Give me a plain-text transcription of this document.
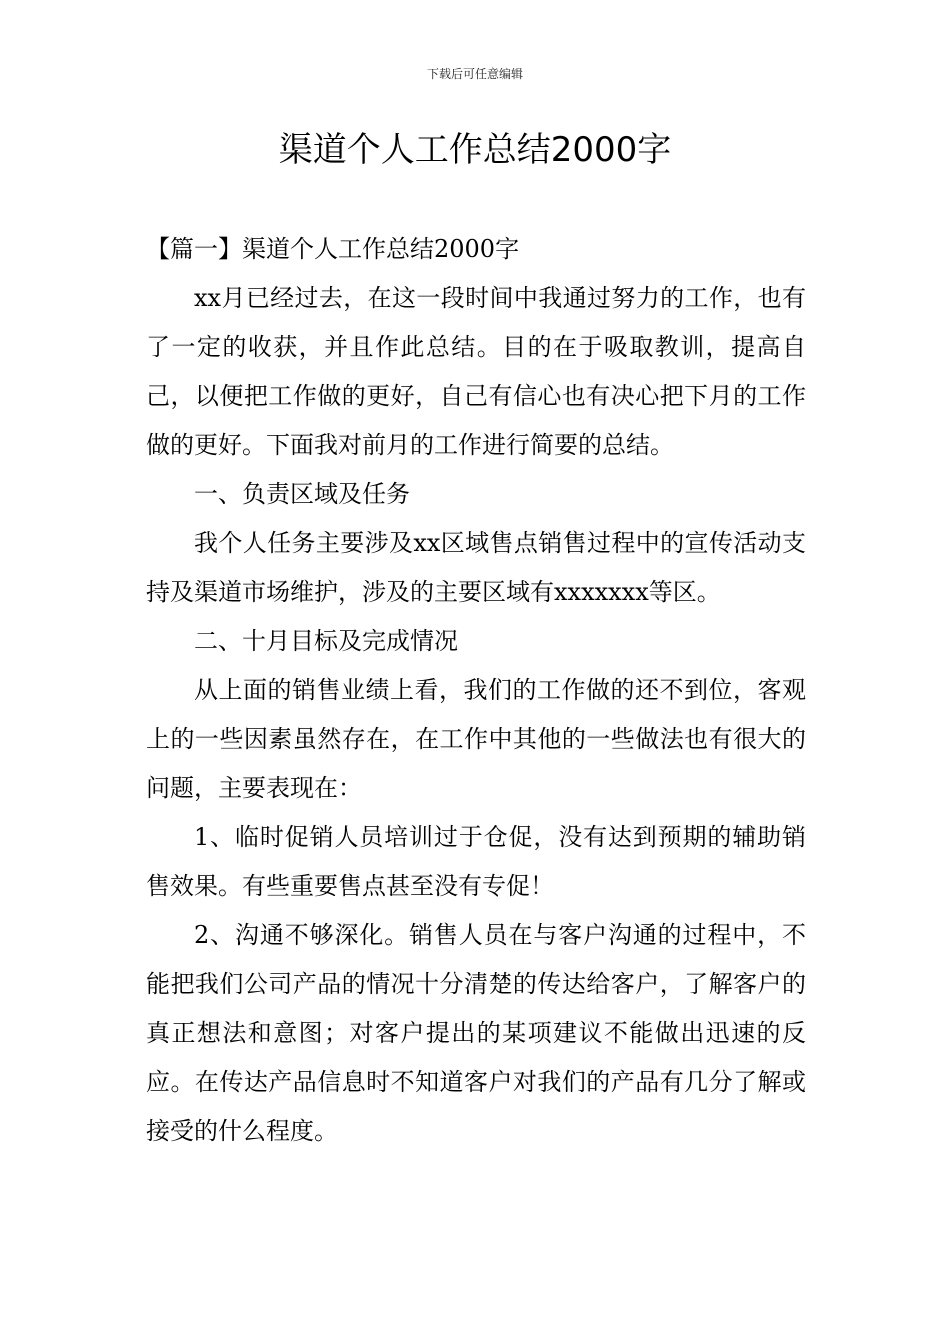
下载后可任意编辑
渠道个人工作总结2000字

【篇一】渠道个人工作总结2000字

xx月已经过去，在这一段时间中我通过努力的工作，也有了一定的收获，并且作此总结。目的在于吸取教训，提高自己，以便把工作做的更好，自己有信心也有决心把下月的工作做的更好。下面我对前月的工作进行简要的总结。

一、负责区域及任务

我个人任务主要涉及xx区域售点销售过程中的宣传活动支持及渠道市场维护，涉及的主要区域有xxxxxxx等区。

二、十月目标及完成情况

从上面的销售业绩上看，我们的工作做的还不到位，客观上的一些因素虽然存在，在工作中其他的一些做法也有很大的问题，主要表现在：

1、临时促销人员培训过于仓促，没有达到预期的辅助销售效果。有些重要售点甚至没有专促！

2、沟通不够深化。销售人员在与客户沟通的过程中，不能把我们公司产品的情况十分清楚的传达给客户，了解客户的真正想法和意图；对客户提出的某项建议不能做出迅速的反应。在传达产品信息时不知道客户对我们的产品有几分了解或接受的什么程度。
